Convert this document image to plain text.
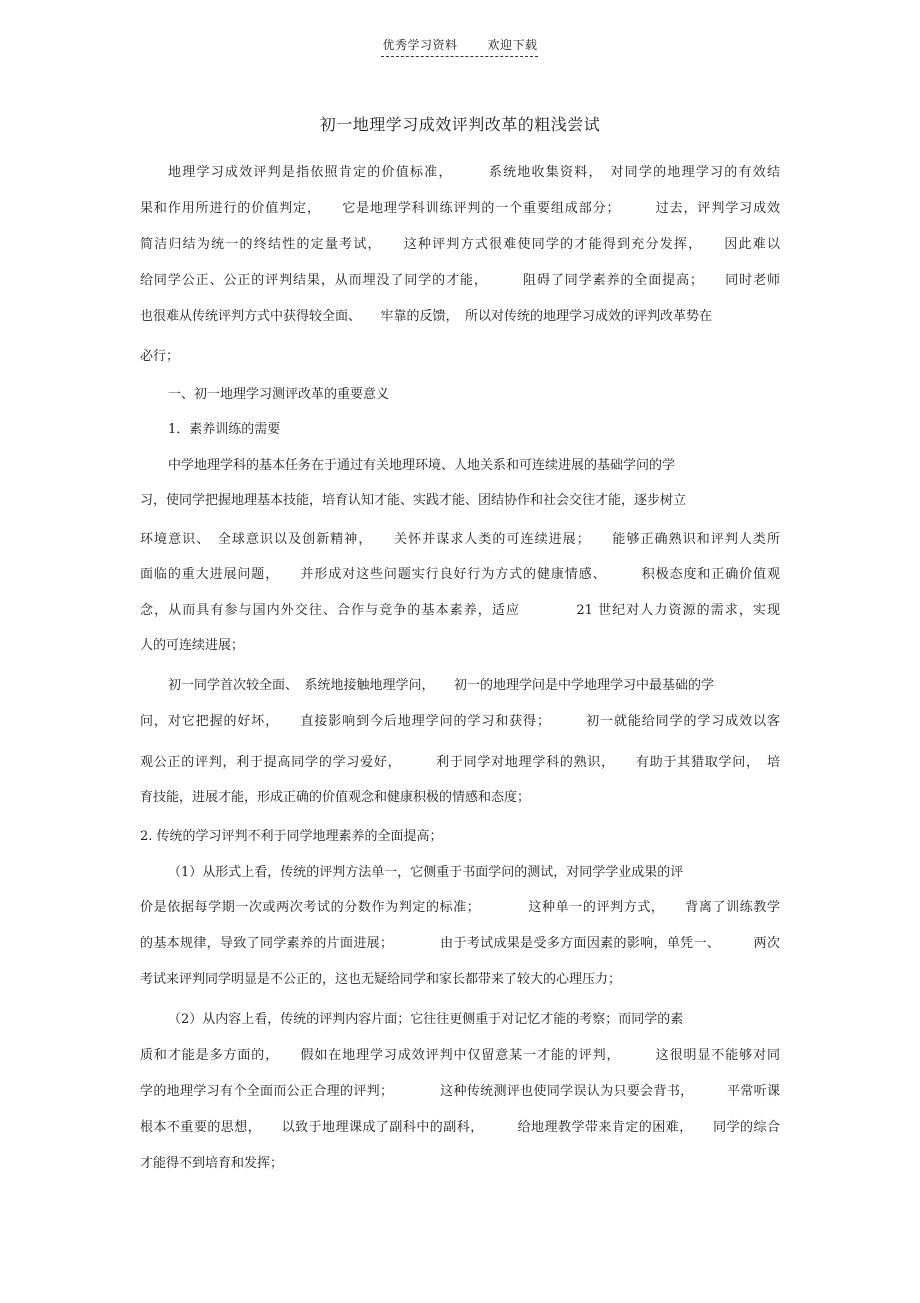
优秀学习资料	欢迎下载
初一地理学习成效评判改革的粗浅尝试
地理学习成效评判是指依照肯定的价值标准，　　　系统地收集资料，　对同学的地理学习的有效结
果和作用所进行的价值判定，　　它是地理学科训练评判的一个重要组成部分；　　　过去，评判学习成效
简洁归结为统一的终结性的定量考试，　　这种评判方式很难使同学的才能得到充分发挥，　　因此难以
给同学公正、公正的评判结果，从而埋没了同学的才能，　　　阻碍了同学素养的全面提高；　　同时老师
也很难从传统评判方式中获得较全面、　　牢靠的反馈，　所以对传统的地理学习成效的评判改革势在
必行；
一、初一地理学习测评改革的重要意义
1．素养训练的需要
中学地理学科的基本任务在于通过有关地理环境、人地关系和可连续进展的基础学问的学
习，使同学把握地理基本技能，培育认知才能、实践才能、团结协作和社会交往才能，逐步树立
环境意识、　全球意识以及创新精神，　　关怀并谋求人类的可连续进展；　　能够正确熟识和评判人类所
面临的重大进展问题，　　并形成对这些问题实行良好行为方式的健康情感、　　　积极态度和正确价值观
念，从而具有参与国内外交往、合作与竞争的基本素养，适应　　　　21 世纪对人力资源的需求，实现
人的可连续进展；
初一同学首次较全面、　系统地接触地理学问，　　初一的地理学问是中学地理学习中最基础的学
问，对它把握的好坏，　　直接影响到今后地理学问的学习和获得；　　　初一就能给同学的学习成效以客
观公正的评判，利于提高同学的学习爱好，　　　利于同学对地理学科的熟识，　　有助于其猎取学问，　培
育技能，进展才能，形成正确的价值观念和健康积极的情感和态度；
2. 传统的学习评判不利于同学地理素养的全面提高；
（1）从形式上看，传统的评判方法单一，它侧重于书面学问的测试，对同学学业成果的评
价是依据每学期一次或两次考试的分数作为判定的标准；　　　　这种单一的评判方式，　　背离了训练教学
的基本规律，导致了同学素养的片面进展；　　　　由于考试成果是受多方面因素的影响，单凭一、　　　两次
考试来评判同学明显是不公正的，这也无疑给同学和家长都带来了较大的心理压力；
（2）从内容上看，传统的评判内容片面；它往往更侧重于对记忆才能的考察；而同学的素
质和才能是多方面的，　　假如在地理学习成效评判中仅留意某一才能的评判，　　　这很明显不能够对同
学的地理学习有个全面而公正合理的评判；　　　　这种传统测评也使同学误认为只要会背书，　　　平常听课
根本不重要的思想，　　以致于地理课成了副科中的副科，　　　给地理教学带来肯定的困难，　　同学的综合
才能得不到培育和发挥；
